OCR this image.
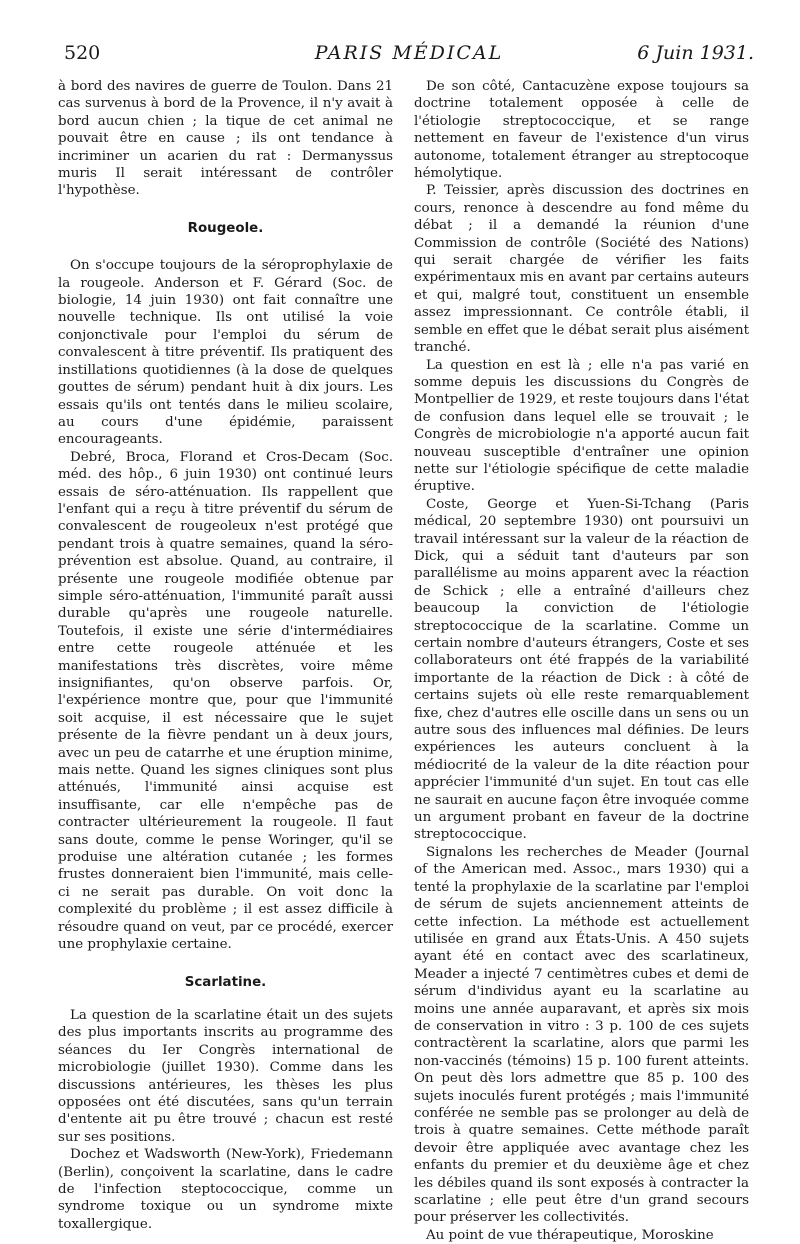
520	PARIS MÉDICAL	6 Juin 1931.

à bord des navires de guerre de Toulon. Dans 21 cas survenus à bord de la Provence, il n'y avait à bord aucun chien ; la tique de cet animal ne pouvait être en cause ; ils ont tendance à incriminer un acarien du rat : Dermanyssus muris Il serait intéressant de contrôler l'hypothèse.

Rougeole.

On s'occupe toujours de la séroprophylaxie de la rougeole. Anderson et F. Gérard (Soc. de biologie, 14 juin 1930) ont fait connaître une nouvelle technique. Ils ont utilisé la voie conjonctivale pour l'emploi du sérum de convalescent à titre préventif. Ils pratiquent des instillations quotidiennes (à la dose de quelques gouttes de sérum) pendant huit à dix jours. Les essais qu'ils ont tentés dans le milieu scolaire, au cours d'une épidémie, paraissent encourageants.

Debré, Broca, Florand et Cros-Decam (Soc. méd. des hôp., 6 juin 1930) ont continué leurs essais de séro-atténuation. Ils rappellent que l'enfant qui a reçu à titre préventif du sérum de convalescent de rougeoleux n'est protégé que pendant trois à quatre semaines, quand la séro-prévention est absolue. Quand, au contraire, il présente une rougeole modifiée obtenue par simple séro-atténuation, l'immunité paraît aussi durable qu'après une rougeole naturelle. Toutefois, il existe une série d'intermédiaires entre cette rougeole atténuée et les manifestations très discrètes, voire même insignifiantes, qu'on observe parfois. Or, l'expérience montre que, pour que l'immunité soit acquise, il est nécessaire que le sujet présente de la fièvre pendant un à deux jours, avec un peu de catarrhe et une éruption minime, mais nette. Quand les signes cliniques sont plus atténués, l'immunité ainsi acquise est insuffisante, car elle n'empêche pas de contracter ultérieurement la rougeole. Il faut sans doute, comme le pense Woringer, qu'il se produise une altération cutanée ; les formes frustes donneraient bien l'immunité, mais celle-ci ne serait pas durable. On voit donc la complexité du problème ; il est assez difficile à résoudre quand on veut, par ce procédé, exercer une prophylaxie certaine.

Scarlatine.

La question de la scarlatine était un des sujets des plus importants inscrits au programme des séances du Ier Congrès international de microbiologie (juillet 1930). Comme dans les discussions antérieures, les thèses les plus opposées ont été discutées, sans qu'un terrain d'entente ait pu être trouvé ; chacun est resté sur ses positions.

Dochez et Wadsworth (New-York), Friedemann (Berlin), conçoivent la scarlatine, dans le cadre de l'infection steptococcique, comme un syndrome toxique ou un syndrome mixte toxallergique.

De son côté, Cantacuzène expose toujours sa doctrine totalement opposée à celle de l'étiologie streptococcique, et se range nettement en faveur de l'existence d'un virus autonome, totalement étranger au streptocoque hémolytique.

P. Teissier, après discussion des doctrines en cours, renonce à descendre au fond même du débat ; il a demandé la réunion d'une Commission de contrôle (Société des Nations) qui serait chargée de vérifier les faits expérimentaux mis en avant par certains auteurs et qui, malgré tout, constituent un ensemble assez impressionnant. Ce contrôle établi, il semble en effet que le débat serait plus aisément tranché.

La question en est là ; elle n'a pas varié en somme depuis les discussions du Congrès de Montpellier de 1929, et reste toujours dans l'état de confusion dans lequel elle se trouvait ; le Congrès de microbiologie n'a apporté aucun fait nouveau susceptible d'entraîner une opinion nette sur l'étiologie spécifique de cette maladie éruptive.

Coste, George et Yuen-Si-Tchang (Paris médical, 20 septembre 1930) ont poursuivi un travail intéressant sur la valeur de la réaction de Dick, qui a séduit tant d'auteurs par son parallélisme au moins apparent avec la réaction de Schick ; elle a entraîné d'ailleurs chez beaucoup la conviction de l'étiologie streptococcique de la scarlatine. Comme un certain nombre d'auteurs étrangers, Coste et ses collaborateurs ont été frappés de la variabilité importante de la réaction de Dick : à côté de certains sujets où elle reste remarquablement fixe, chez d'autres elle oscille dans un sens ou un autre sous des influences mal définies. De leurs expériences les auteurs concluent à la médiocrité de la valeur de la dite réaction pour apprécier l'immunité d'un sujet. En tout cas elle ne saurait en aucune façon être invoquée comme un argument probant en faveur de la doctrine streptococcique.

Signalons les recherches de Meader (Journal of the American med. Assoc., mars 1930) qui a tenté la prophylaxie de la scarlatine par l'emploi de sérum de sujets anciennement atteints de cette infection. La méthode est actuellement utilisée en grand aux États-Unis. A 450 sujets ayant été en contact avec des scarlatineux, Meader a injecté 7 centimètres cubes et demi de sérum d'individus ayant eu la scarlatine au moins une année auparavant, et après six mois de conservation in vitro : 3 p. 100 de ces sujets contractèrent la scarlatine, alors que parmi les non-vaccinés (témoins) 15 p. 100 furent atteints. On peut dès lors admettre que 85 p. 100 des sujets inoculés furent protégés ; mais l'immunité conférée ne semble pas se prolonger au delà de trois à quatre semaines. Cette méthode paraît devoir être appliquée avec avantage chez les enfants du premier et du deuxième âge et chez les débiles quand ils sont exposés à contracter la scarlatine ; elle peut être d'un grand secours pour préserver les collectivités.

Au point de vue thérapeutique, Moroskine
